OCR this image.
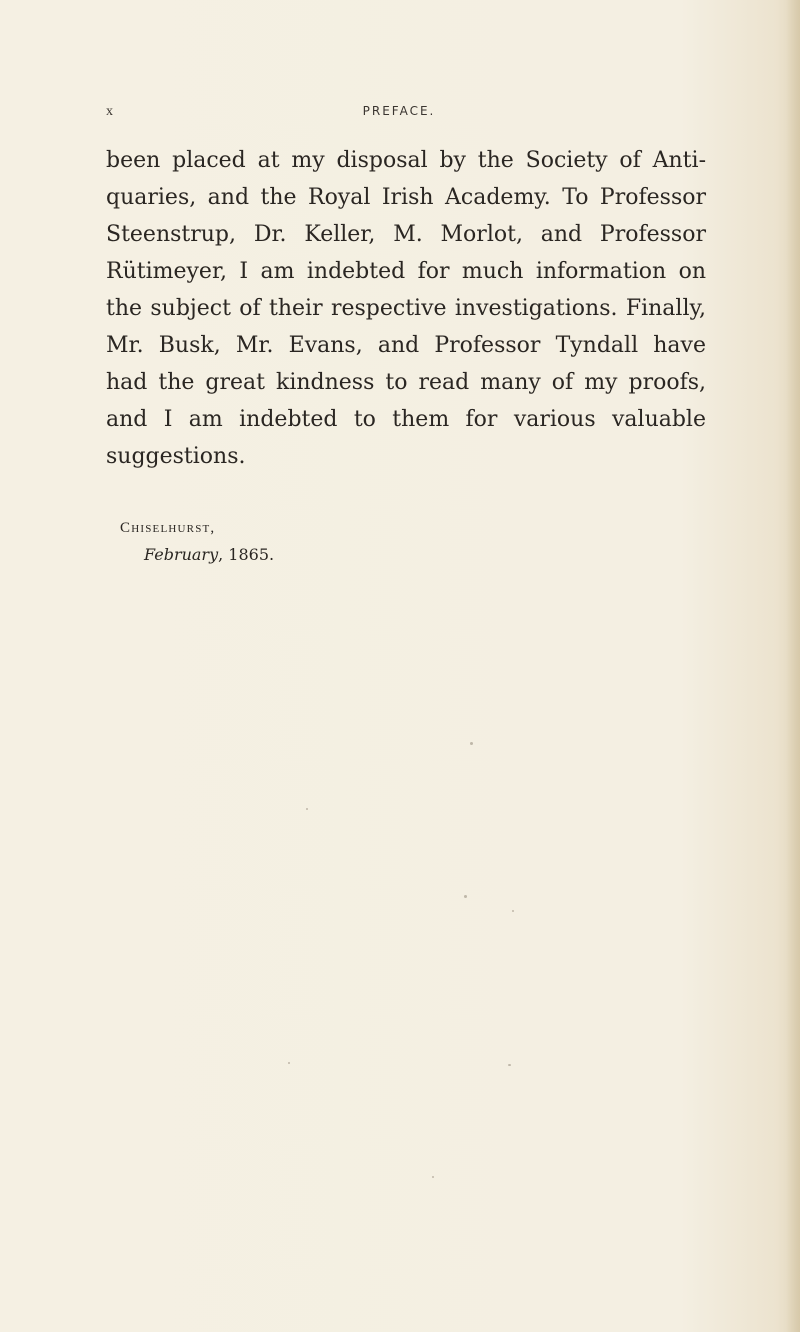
x	PREFACE.
been placed at my disposal by the Society of Anti-
quaries, and the Royal Irish Academy. To Professor
Steenstrup, Dr. Keller, M. Morlot, and Professor
Rütimeyer, I am indebted for much information on
the subject of their respective investigations. Finally,
Mr. Busk, Mr. Evans, and Professor Tyndall have
had the great kindness to read many of my proofs,
and I am indebted to them for various valuable
suggestions.
Chiselhurst,
February, 1865.
